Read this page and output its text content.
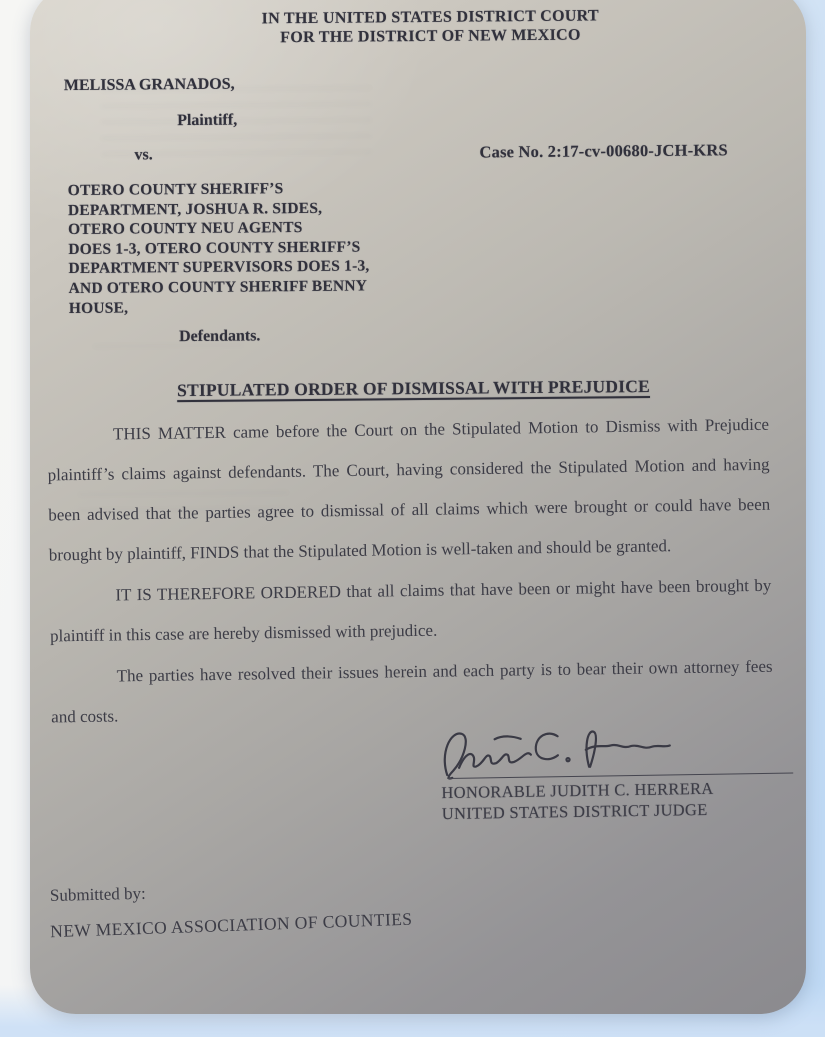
IN THE UNITED STATES DISTRICT COURT
FOR THE DISTRICT OF NEW MEXICO
MELISSA GRANADOS,
Plaintiff,
vs.	Case No. 2:17-cv-00680-JCH-KRS
OTERO COUNTY SHERIFF’S
DEPARTMENT, JOSHUA R. SIDES,
OTERO COUNTY NEU AGENTS
DOES 1-3, OTERO COUNTY SHERIFF’S
DEPARTMENT SUPERVISORS DOES 1-3,
AND OTERO COUNTY SHERIFF BENNY
HOUSE,
Defendants.
STIPULATED ORDER OF DISMISSAL WITH PREJUDICE

THIS MATTER came before the Court on the Stipulated Motion to Dismiss with Prejudice plaintiff’s claims against defendants. The Court, having considered the Stipulated Motion and having been advised that the parties agree to dismissal of all claims which were brought or could have been brought by plaintiff, FINDS that the Stipulated Motion is well-taken and should be granted.

IT IS THEREFORE ORDERED that all claims that have been or might have been brought by plaintiff in this case are hereby dismissed with prejudice.

The parties have resolved their issues herein and each party is to bear their own attorney fees and costs.

HONORABLE JUDITH C. HERRERA
UNITED STATES DISTRICT JUDGE
Submitted by:
NEW MEXICO ASSOCIATION OF COUNTIES
